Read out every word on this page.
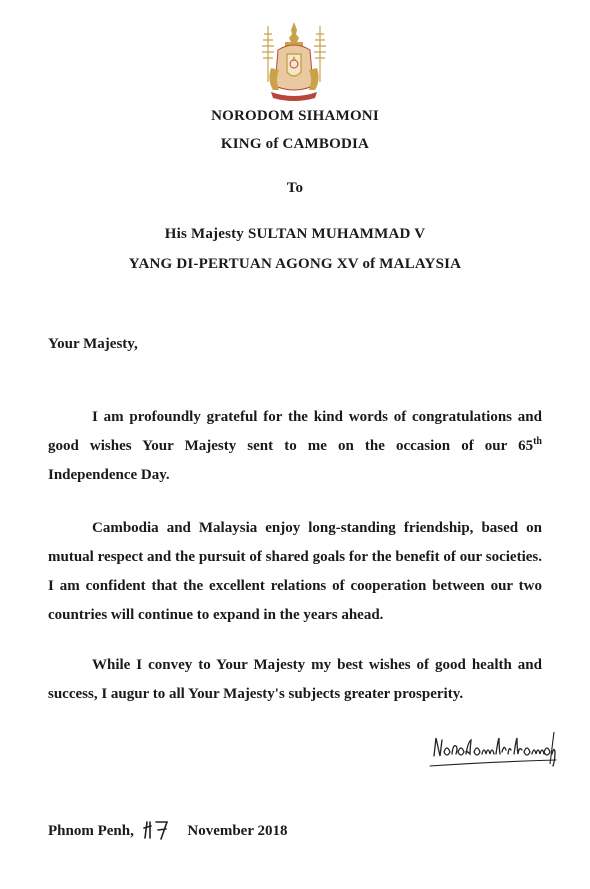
NORODOM SIHAMONI
KING of CAMBODIA
To
His Majesty SULTAN MUHAMMAD V
YANG DI-PERTUAN AGONG XV of MALAYSIA
Your Majesty,

I am profoundly grateful for the kind words of congratulations and good wishes Your Majesty sent to me on the occasion of our 65th Independence Day.

Cambodia and Malaysia enjoy long-standing friendship, based on mutual respect and the pursuit of shared goals for the benefit of our societies. I am confident that the excellent relations of cooperation between our two countries will continue to expand in the years ahead.

While I convey to Your Majesty my best wishes of good health and success, I augur to all Your Majesty's subjects greater prosperity.

Phnom Penh,	November 2018
